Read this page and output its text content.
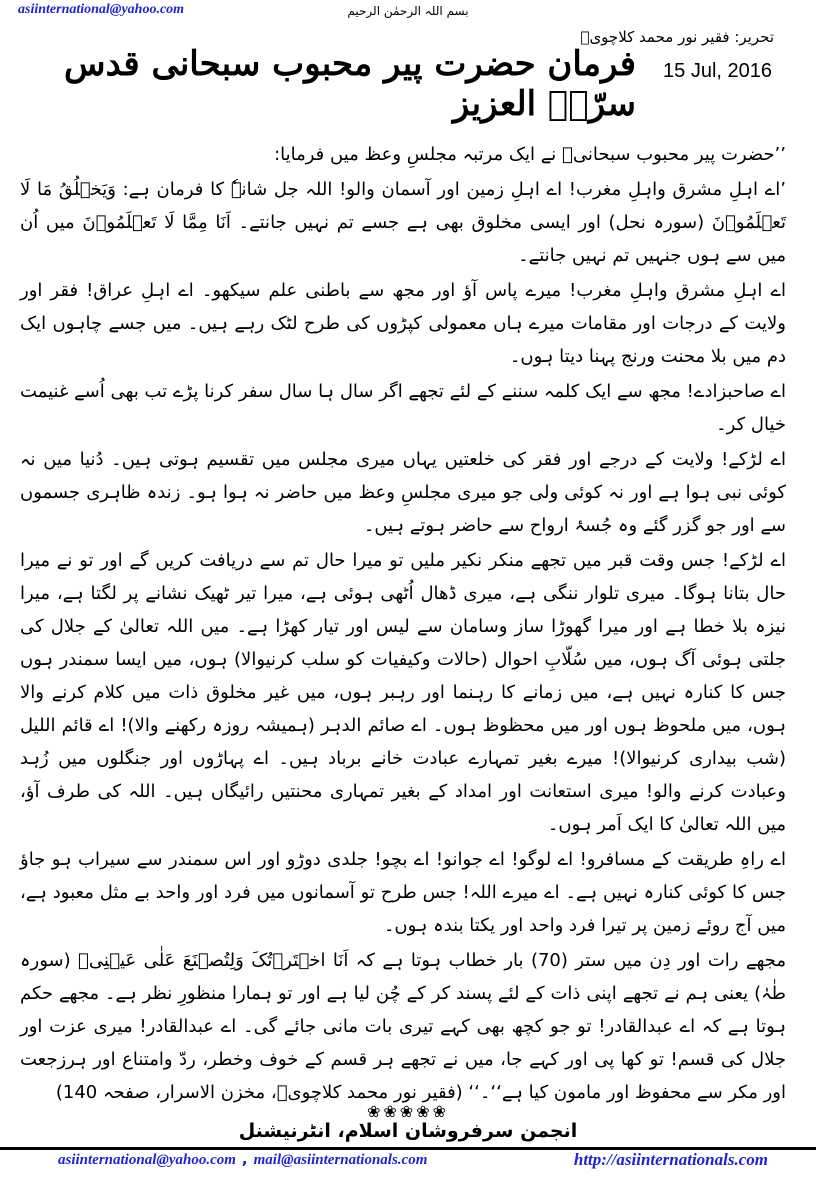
asiinternational@yahoo.com	بسم اللہ الرحمٰن الرحیم
تحریر: فقیر نور محمد کلاچویؒ
15 Jul, 2016
فرمان حضرت پیر محبوب سبحانی قدس سرّہٗ العزیز

’’حضرت پیر محبوب سبحانیؒ نے ایک مرتبہ مجلسِ وعظ میں فرمایا:

’اے اہلِ مشرق واہلِ مغرب! اے اہلِ زمین اور آسمان والو! اللہ جل شانہٗ کا فرمان ہے: وَیَخۡلُقُ مَا لَا تَعۡلَمُوۡنَ (سورہ نحل) اور ایسی مخلوق بھی ہے جسے تم نہیں جانتے۔ اَنَا مِمَّا لَا تَعۡلَمُوۡنَ میں اُن میں سے ہوں جنہیں تم نہیں جانتے۔

اے اہلِ مشرق واہلِ مغرب! میرے پاس آؤ اور مجھ سے باطنی علم سیکھو۔ اے اہلِ عراق! فقر اور ولایت کے درجات اور مقامات میرے ہاں معمولی کپڑوں کی طرح لٹک رہے ہیں۔ میں جسے چاہوں ایک دم میں بلا محنت ورنج پہنا دیتا ہوں۔

اے صاحبزادے! مجھ سے ایک کلمہ سننے کے لئے تجھے اگر سال ہا سال سفر کرنا پڑے تب بھی اُسے غنیمت خیال کر۔

اے لڑکے! ولایت کے درجے اور فقر کی خلعتیں یہاں میری مجلس میں تقسیم ہوتی ہیں۔ دُنیا میں نہ کوئی نبی ہوا ہے اور نہ کوئی ولی جو میری مجلسِ وعظ میں حاضر نہ ہوا ہو۔ زندہ ظاہری جسموں سے اور جو گزر گئے وہ جُسۂ ارواح سے حاضر ہوتے ہیں۔

اے لڑکے! جس وقت قبر میں تجھے منکر نکیر ملیں تو میرا حال تم سے دریافت کریں گے اور تو نے میرا حال بتانا ہوگا۔ میری تلوار ننگی ہے، میری ڈھال اُٹھی ہوئی ہے، میرا تیر ٹھیک نشانے پر لگتا ہے، میرا نیزہ بلا خطا ہے اور میرا گھوڑا ساز وسامان سے لیس اور تیار کھڑا ہے۔ میں اللہ تعالیٰ کے جلال کی جلتی ہوئی آگ ہوں، میں سُلّابِ احوال (حالات وکیفیات کو سلب کرنیوالا) ہوں، میں ایسا سمندر ہوں جس کا کنارہ نہیں ہے، میں زمانے کا رہنما اور رہبر ہوں، میں غیر مخلوق ذات میں کلام کرنے والا ہوں، میں ملحوظ ہوں اور میں محظوظ ہوں۔ اے صائم الدہر (ہمیشہ روزہ رکھنے والا)! اے قائم اللیل (شب بیداری کرنیوالا)! میرے بغیر تمہارے عبادت خانے برباد ہیں۔ اے پہاڑوں اور جنگلوں میں زُہد وعبادت کرنے والو! میری استعانت اور امداد کے بغیر تمہاری محنتیں رائیگاں ہیں۔ اللہ کی طرف آؤ، میں اللہ تعالیٰ کا ایک اَمر ہوں۔

اے راہِ طریقت کے مسافرو! اے لوگو! اے جوانو! اے بچو! جلدی دوڑو اور اس سمندر سے سیراب ہو جاؤ جس کا کوئی کنارہ نہیں ہے۔ اے میرے اللہ! جس طرح تو آسمانوں میں فرد اور واحد بے مثل معبود ہے، میں آج روئے زمین پر تیرا فرد واحد اور یکتا بندہ ہوں۔

مجھے رات اور دِن میں ستر (70) بار خطاب ہوتا ہے کہ اَنَا اخۡتَرۡتُکَ وَلِتُصۡنَعَ عَلٰی عَیۡنِیۡ (سورہ طٰہٰ) یعنی ہم نے تجھے اپنی ذات کے لئے پسند کر کے چُن لیا ہے اور تو ہمارا منظورِ نظر ہے۔ مجھے حکم ہوتا ہے کہ اے عبدالقادر! تو جو کچھ بھی کہے تیری بات مانی جائے گی۔ اے عبدالقادر! میری عزت اور جلال کی قسم! تو کھا پی اور کہے جا، میں نے تجھے ہر قسم کے خوف وخطر، ردّ وامتناع اور ہرزجعت اور مکر سے محفوظ اور مامون کیا ہے‘‘۔‘‘ (فقیر نور محمد کلاچویؒ، مخزن الاسرار، صفحہ 140)

❀❀❀❀❀
انجمن سرفروشان اسلام، انٹرنیشنل
asiinternational@yahoo.com , mail@asiinternationals.com	http://asiinternationals.com
